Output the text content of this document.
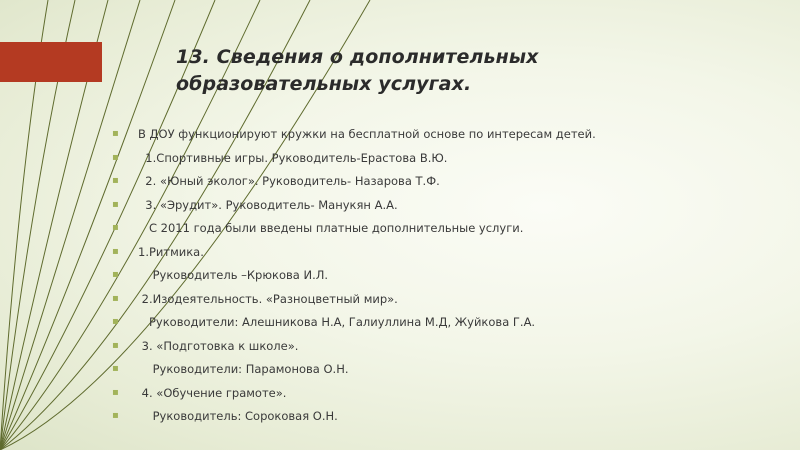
13. Сведения о дополнительных
образовательных услугах.

▪

В ДОУ функционируют кружки на бесплатной основе по интересам детей.

▪

1.Спортивные игры. Руководитель-Ерастова В.Ю.

▪

2. «Юный эколог». Руководитель- Назарова Т.Ф.

▪

3. «Эрудит». Руководитель- Манукян А.А.

▪

С 2011 года были введены платные дополнительные услуги.

▪

1.Ритмика.

▪

Руководитель –Крюкова И.Л.

▪

2.Изодеятельность. «Разноцветный мир».

▪

Руководители: Алешникова Н.А, Галиуллина М.Д, Жуйкова Г.А.

▪

3. «Подготовка к школе».

▪

Руководители: Парамонова О.Н.

▪

4. «Обучение грамоте».

▪

Руководитель: Сороковая О.Н.
